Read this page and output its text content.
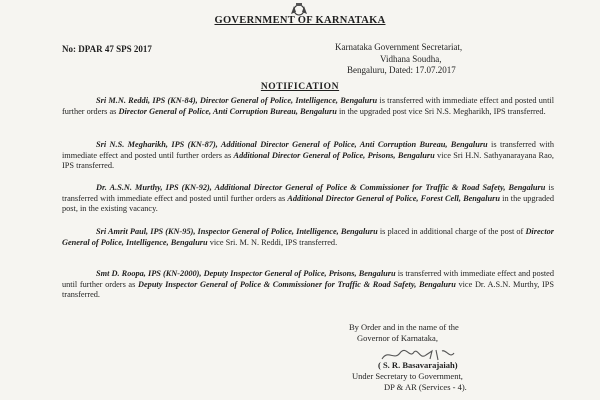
GOVERNMENT OF KARNATAKA
No: DPAR 47 SPS 2017	Karnataka Government Secretariat,
Vidhana Soudha,
Bengaluru, Dated: 17.07.2017
NOTIFICATION

Sri M.N. Reddi, IPS (KN-84), Director General of Police, Intelligence, Bengaluru is transferred with immediate effect and posted until further orders as Director General of Police, Anti Corruption Bureau, Bengaluru in the upgraded post vice Sri N.S. Megharikh, IPS transferred.

Sri N.S. Megharikh, IPS (KN-87), Additional Director General of Police, Anti Corruption Bureau, Bengaluru is transferred with immediate effect and posted until further orders as Additional Director General of Police, Prisons, Bengaluru vice Sri H.N. Sathyanarayana Rao, IPS transferred.

Dr. A.S.N. Murthy, IPS (KN-92), Additional Director General of Police & Commissioner for Traffic & Road Safety, Bengaluru is transferred with immediate effect and posted until further orders as Additional Director General of Police, Forest Cell, Bengaluru in the upgraded post, in the existing vacancy.

Sri Amrit Paul, IPS (KN-95), Inspector General of Police, Intelligence, Bengaluru is placed in additional charge of the post of Director General of Police, Intelligence, Bengaluru vice Sri. M. N. Reddi, IPS transferred.

Smt D. Roopa, IPS (KN-2000), Deputy Inspector General of Police, Prisons, Bengaluru is transferred with immediate effect and posted until further orders as Deputy Inspector General of Police & Commissioner for Traffic & Road Safety, Bengaluru vice Dr. A.S.N. Murthy, IPS transferred.

By Order and in the name of the
Governor of Karnataka,
( S. R. Basavarajaiah)
Under Secretary to Government,
DP & AR (Services - 4).
